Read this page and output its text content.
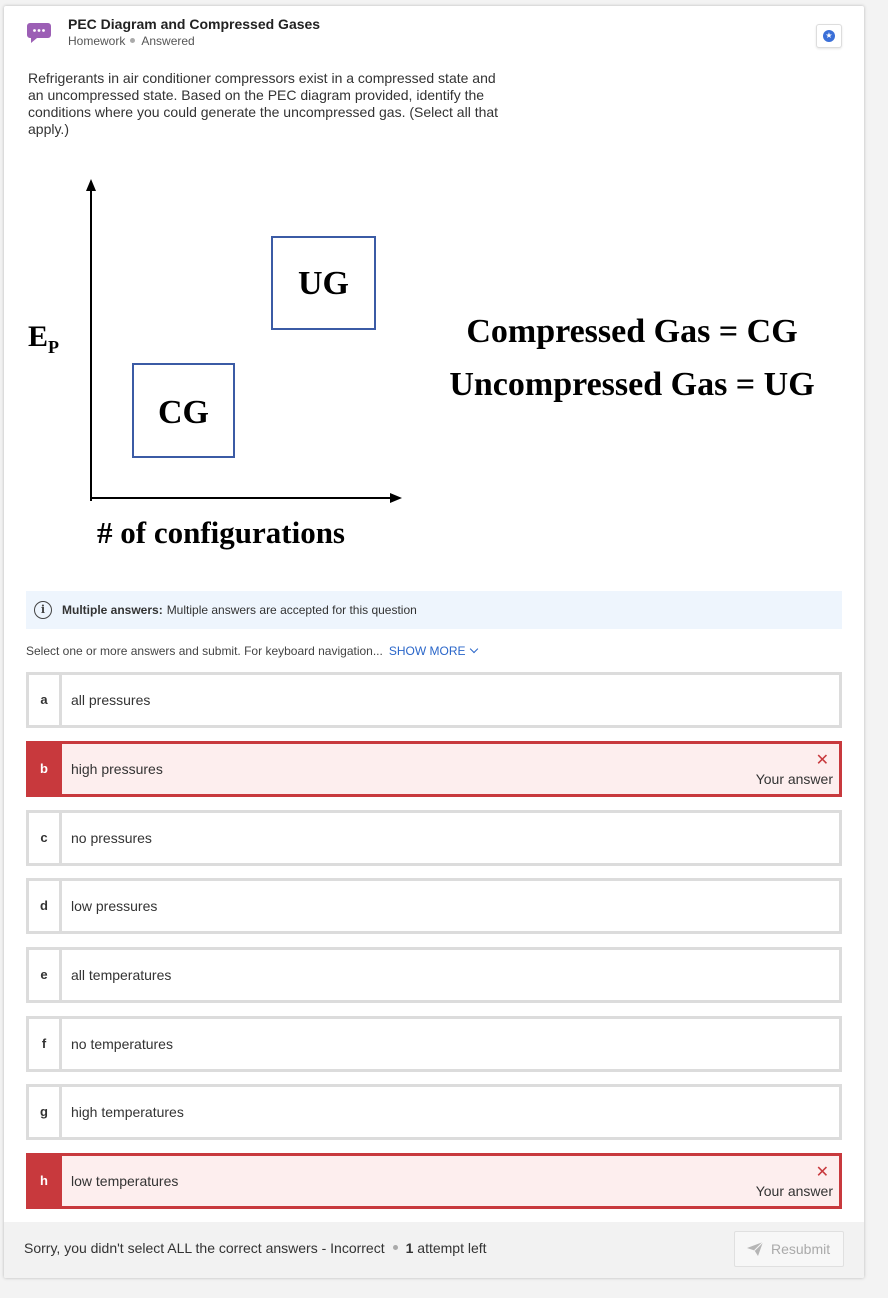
PEC Diagram and Compressed Gases
Homework Answered	★
Refrigerants in air conditioner compressors exist in a compressed state and an uncompressed state. Based on the PEC diagram provided, identify the conditions where you could generate the uncompressed gas. (Select all that apply.)
$E_P$
# of configurations
UG
CG
Compressed Gas = CG
Uncompressed Gas = UG
i	Multiple answers: Multiple answers are accepted for this question
Select one or more answers and submit. For keyboard navigation... SHOW MORE
a	all pressures
b	high pressures	✕
Your answer
c	no pressures
d	low pressures
e	all temperatures
f	no temperatures
g	high temperatures
h	low temperatures	✕
Your answer
Sorry, you didn't select ALL the correct answers - Incorrect 1 attempt left	Resubmit
